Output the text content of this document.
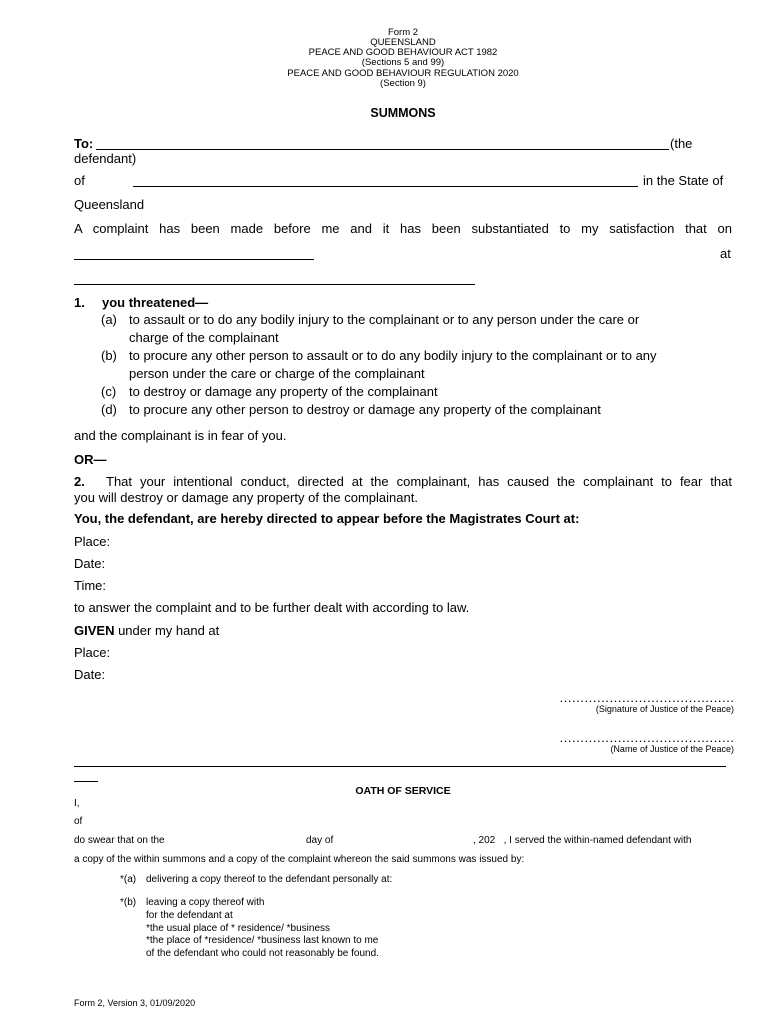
Form 2
QUEENSLAND
PEACE AND GOOD BEHAVIOUR ACT 1982
(Sections 5 and 99)
PEACE AND GOOD BEHAVIOUR REGULATION 2020
(Section 9)
SUMMONS
To:	(the
defendant)
of	in the State of
Queensland
A complaint has been made before me and it has been substantiated to my satisfaction that on
at
1. you threatened—
(a) to assault or to do any bodily injury to the complainant or to any person under the care or
charge of the complainant
(b) to procure any other person to assault or to do any bodily injury to the complainant or to any
person under the care or charge of the complainant
(c) to destroy or damage any property of the complainant
(d) to procure any other person to destroy or damage any property of the complainant
and the complainant is in fear of you.
OR—
2. That your intentional conduct, directed at the complainant, has caused the complainant to fear that
you will destroy or damage any property of the complainant.
You, the defendant, are hereby directed to appear before the Magistrates Court at:
Place:
Date:
Time:
to answer the complaint and to be further dealt with according to law.
GIVEN under my hand at
Place:
Date:
……………………………………
(Signature of Justice of the Peace)
……………………………………
(Name of Justice of the Peace)
OATH OF SERVICE
I,
of
do swear that on the	day of	, 202   , I served the within-named defendant with
a copy of the within summons and a copy of the complaint whereon the said summons was issued by:
*(a) delivering a copy thereof to the defendant personally at:
*(b) leaving a copy thereof with
for the defendant at
*the usual place of * residence/ *business
*the place of *residence/ *business last known to me
of the defendant who could not reasonably be found.
Form 2, Version 3, 01/09/2020
